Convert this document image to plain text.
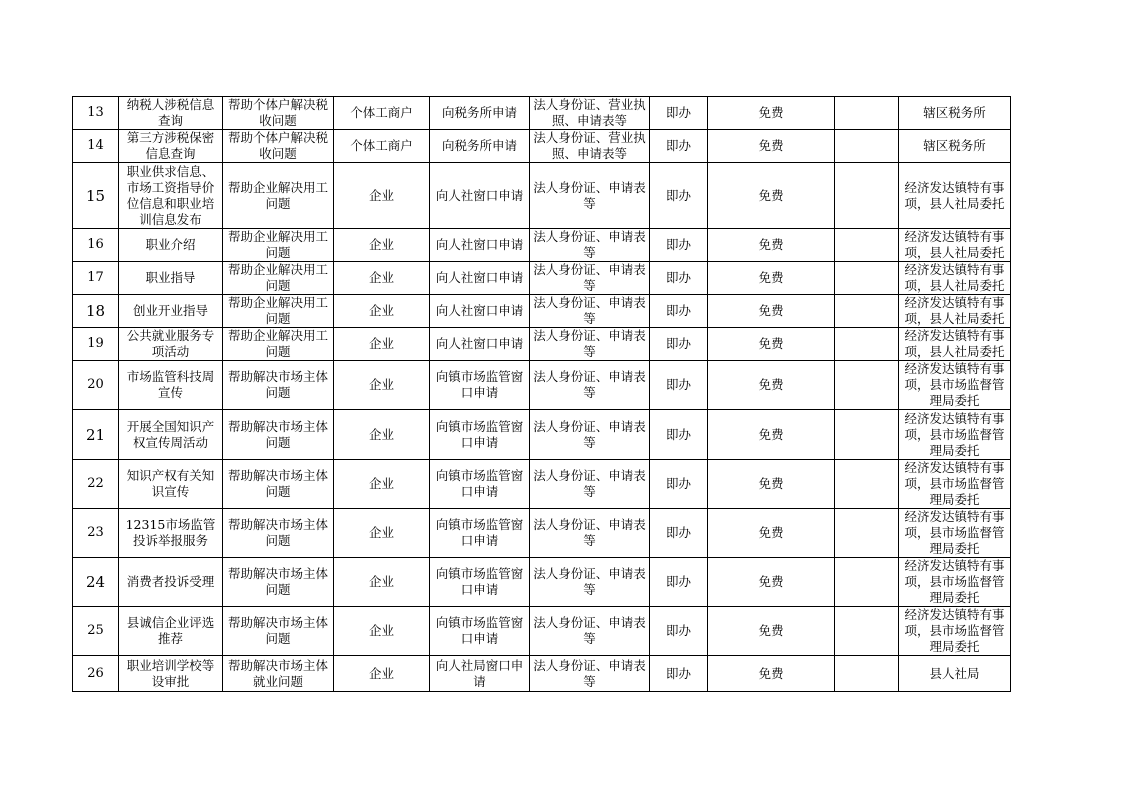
13	纳税人涉税信息查询	帮助个体户解决税收问题	个体工商户	向税务所申请	法人身份证、营业执照、申请表等	即办	免费		辖区税务所
14	第三方涉税保密信息查询	帮助个体户解决税收问题	个体工商户	向税务所申请	法人身份证、营业执照、申请表等	即办	免费		辖区税务所
15	职业供求信息、市场工资指导价位信息和职业培训信息发布	帮助企业解决用工问题	企业	向人社窗口申请	法人身份证、申请表等	即办	免费		经济发达镇特有事项，县人社局委托
16	职业介绍	帮助企业解决用工问题	企业	向人社窗口申请	法人身份证、申请表等	即办	免费		经济发达镇特有事项，县人社局委托
17	职业指导	帮助企业解决用工问题	企业	向人社窗口申请	法人身份证、申请表等	即办	免费		经济发达镇特有事项，县人社局委托
18	创业开业指导	帮助企业解决用工问题	企业	向人社窗口申请	法人身份证、申请表等	即办	免费		经济发达镇特有事项，县人社局委托
19	公共就业服务专项活动	帮助企业解决用工问题	企业	向人社窗口申请	法人身份证、申请表等	即办	免费		经济发达镇特有事项，县人社局委托
20	市场监管科技周宣传	帮助解决市场主体问题	企业	向镇市场监管窗口申请	法人身份证、申请表等	即办	免费		经济发达镇特有事项，县市场监督管理局委托
21	开展全国知识产权宣传周活动	帮助解决市场主体问题	企业	向镇市场监管窗口申请	法人身份证、申请表等	即办	免费		经济发达镇特有事项，县市场监督管理局委托
22	知识产权有关知识宣传	帮助解决市场主体问题	企业	向镇市场监管窗口申请	法人身份证、申请表等	即办	免费		经济发达镇特有事项，县市场监督管理局委托
23	12315市场监管投诉举报服务	帮助解决市场主体问题	企业	向镇市场监管窗口申请	法人身份证、申请表等	即办	免费		经济发达镇特有事项，县市场监督管理局委托
24	消费者投诉受理	帮助解决市场主体问题	企业	向镇市场监管窗口申请	法人身份证、申请表等	即办	免费		经济发达镇特有事项，县市场监督管理局委托
25	县诚信企业评选推荐	帮助解决市场主体问题	企业	向镇市场监管窗口申请	法人身份证、申请表等	即办	免费		经济发达镇特有事项，县市场监督管理局委托
26	职业培训学校等设审批	帮助解决市场主体就业问题	企业	向人社局窗口申请	法人身份证、申请表等	即办	免费		县人社局
